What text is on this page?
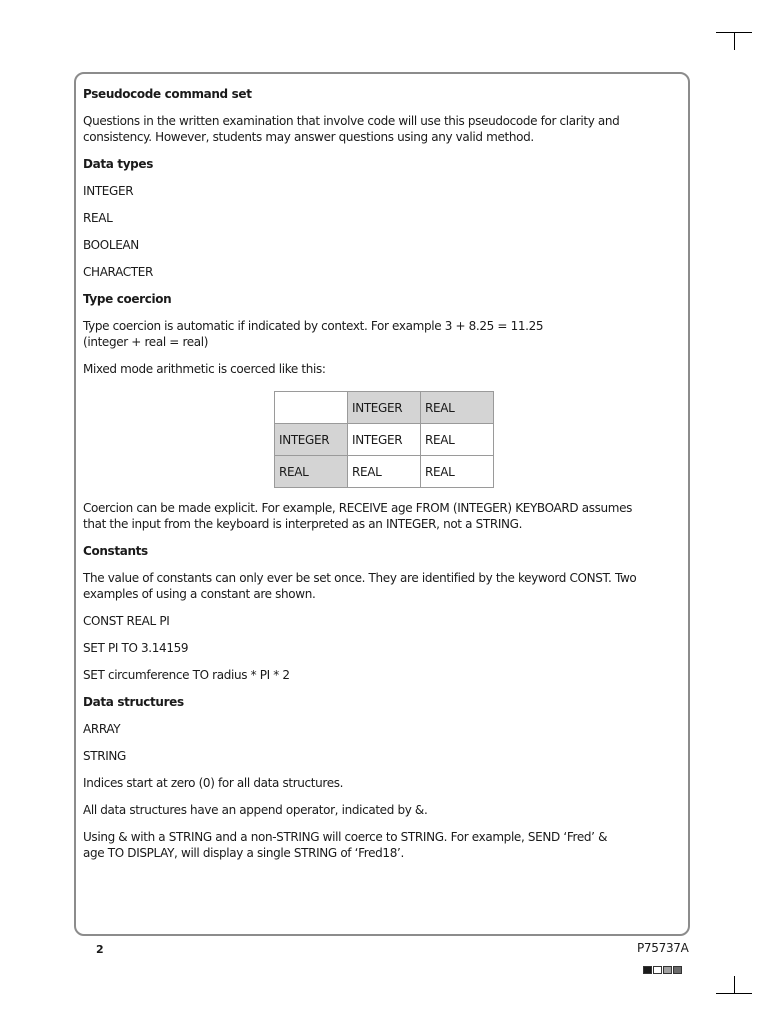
Pseudocode command set

Questions in the written examination that involve code will use this pseudocode for clarity and consistency. However, students may answer questions using any valid method.

Data types

INTEGER
REAL
BOOLEAN
CHARACTER

Type coercion

Type coercion is automatic if indicated by context. For example 3 + 8.25 = 11.25 (integer + real = real)

Mixed mode arithmetic is coerced like this:

	INTEGER	REAL
INTEGER	INTEGER	REAL
REAL	REAL	REAL

Coercion can be made explicit. For example, RECEIVE age FROM (INTEGER) KEYBOARD assumes that the input from the keyboard is interpreted as an INTEGER, not a STRING.

Constants

The value of constants can only ever be set once. They are identified by the keyword CONST. Two examples of using a constant are shown.

CONST REAL PI
SET PI TO 3.14159
SET circumference TO radius * PI * 2

Data structures

ARRAY
STRING

Indices start at zero (0) for all data structures.

All data structures have an append operator, indicated by &.

Using & with a STRING and a non-STRING will coerce to STRING. For example, SEND ‘Fred’ & age TO DISPLAY, will display a single STRING of ‘Fred18’.

2	P75737A
